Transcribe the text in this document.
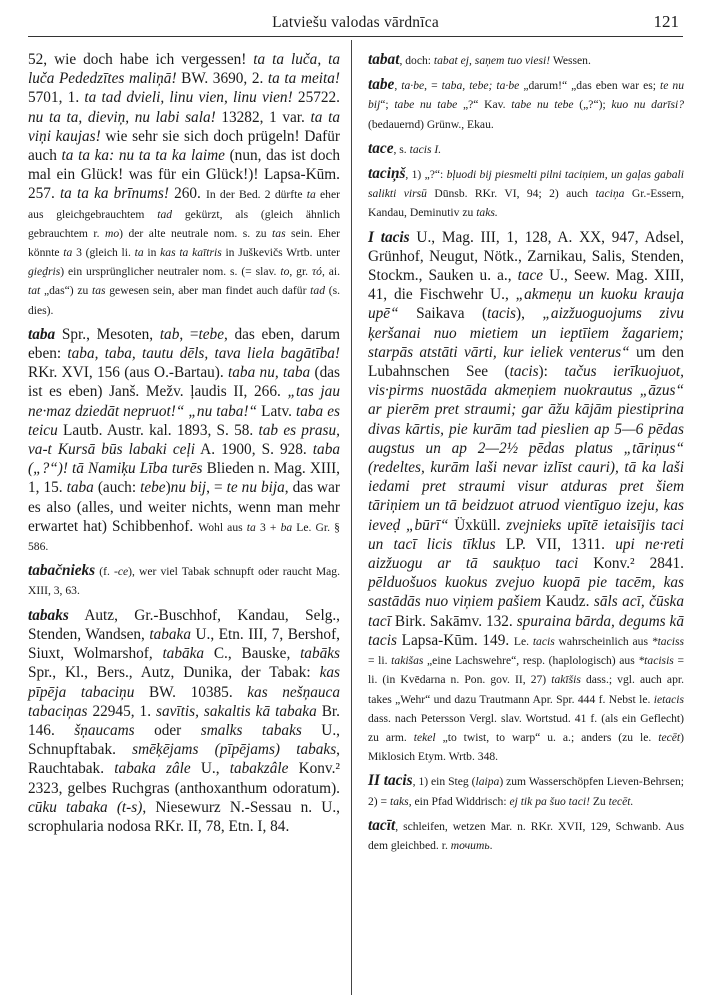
Latviešu valodas vārdnīca	121

52, wie doch habe ich vergessen! ta ta luča, ta luča Pededzītes maliņā! BW. 3690, 2. ta ta meita! 5701, 1. ta tad dvieli, linu vien, linu vien! 25722. nu ta ta, dieviņ, nu labi sala! 13282, 1 var. ta ta viņi kaujas! wie sehr sie sich doch prügeln! Dafür auch ta ta ka: nu ta ta ka laime (nun, das ist doch mal ein Glück! was für ein Glück!)! Lapsa-Kūm. 257. ta ta ka brīnums! 260. In der Bed. 2 dürfte ta eher aus gleichgebrauchtem tad gekürzt, als (gleich ähnlich gebrauchtem r. mo) der alte neutrale nom. s. zu tas sein. Eher könnte ta 3 (gleich li. ta in kas ta kaītris in Juškevičs Wrtb. unter gieḓris) ein ursprünglicher neutraler nom. s. (= slav. to, gr. τό, ai. tat „das“) zu tas gewesen sein, aber man findet auch dafür tad (s. dies).

taba Spr., Mesoten, tab, =tebe, das eben, darum eben: taba, taba, tautu dēls, tava liela bagātība! RKr. XVI, 156 (aus O.-Bartau). taba nu, taba (das ist es eben) Janš. Mežv. ļaudis II, 266. „tas jau ne·maz dziedāt nepruot!“ „nu taba!“ Latv. taba es teicu Lautb. Austr. kal. 1893, S. 58. tab es prasu, va-t Kursā būs labaki ceļi A. 1900, S. 928. taba („?“)! tā Namiķu Lība turēs Blieden n. Mag. XIII, 1, 15. taba (auch: tebe)nu bij, = te nu bija, das war es also (alles, und weiter nichts, wenn man mehr erwartet hat) Schibbenhof. Wohl aus ta 3 + ba Le. Gr. § 586.

tabačnieks (f. -ce), wer viel Tabak schnupft oder raucht Mag. XIII, 3, 63.

tabaks Autz, Gr.-Buschhof, Kandau, Selg., Stenden, Wandsen, tabaka U., Etn. III, 7, Bershof, Siuxt, Wolmarshof, tabāka C., Bauske, tabāks Spr., Kl., Bers., Autz, Dunika, der Tabak: kas pīpēja tabaciņu BW. 10385. kas nešņauca tabaciņas 22945, 1. savītis, sakaltis kā tabaka Br. 146. šņaucams oder smalks tabaks U., Schnupftabak. smēķējams (pīpējams) tabaks, Rauchtabak. tabaka zâle U., tabakzâle Konv.² 2323, gelbes Ruchgras (anthoxanthum odoratum). cūku tabaka (t-s), Niesewurz N.-Sessau n. U., scrophularia nodosa RKr. II, 78, Etn. I, 84.

tabat, doch: tabat ej, saņem tuo viesi! Wessen.

tabe, ta·be, = taba, tebe; ta·be „darum!“ „das eben war es; te nu bij“; tabe nu tabe „?“ Kav. tabe nu tebe („?“); kuo nu darīsi? (bedauernd) Grünw., Ekau.

tace, s. tacis I.

taciņš, 1) „?“: bļuodi bij piesmelti pilni taciņiem, un gaļas gabali salikti virsū Dūnsb. RKr. VI, 94; 2) auch taciņa Gr.-Essern, Kandau, Deminutiv zu taks.

I tacis U., Mag. III, 1, 128, A. XX, 947, Adsel, Grünhof, Neugut, Nötk., Zarnikau, Salis, Stenden, Stockm., Sauken u. a., tace U., Seew. Mag. XIII, 41, die Fischwehr U., „akmeņu un kuoku krauja upē“ Saikava (tacis), „aizžuoguojums zivu ķeršanai nuo mietiem un ieptīiem žagariem; starpās atstāti vārti, kur ieliek venterus“ um den Lubahnschen See (tacis): tačus ierīkuojuot, vis·pirms nuostāda akmeņiem nuokrautus „āzus“ ar pierēm pret straumi; gar āžu kājām piestiprina divas kārtis, pie kurām tad pieslien ap 5—6 pēdas augstus un ap 2—2½ pēdas platus „tāriņus“ (redeltes, kurām laši nevar izlīst cauri), tā ka laši iedami pret straumi visur atduras pret šiem tāriņiem un tā beidzuot atruod vientīguo izeju, kas ieveḍ „būrī“ Üxküll. zvejnieks upītē ietaisījis taci un tacī licis tīklus LP. VII, 1311. upi ne·reti aizžuogu ar tā saukṭuo taci Konv.² 2841. pēlduošuos kuokus zvejuo kuopā pie tacēm, kas sastādās nuo viņiem pašiem Kaudz. sāls acī, čūska tacī Birk. Sakāmv. 132. spuraina bārda, degums kā tacis Lapsa-Kūm. 149. Le. tacis wahrscheinlich aus *taciss = li. takišas „eine Lachswehre“, resp. (haplologisch) aus *tacisis = li. (in Kvēdarna n. Pon. gov. II, 27) takīšis dass.; vgl. auch apr. takes „Wehr“ und dazu Trautmann Apr. Spr. 444 f. Nebst le. ietacis dass. nach Petersson Vergl. slav. Wortstud. 41 f. (als ein Geflecht) zu arm. tekel „to twist, to warp“ u. a.; anders (zu le. tecēt) Miklosich Etym. Wrtb. 348.

II tacis, 1) ein Steg (laipa) zum Wasserschöpfen Lieven-Behrsen; 2) = taks, ein Pfad Widdrisch: ej tik pa šuo taci! Zu tecēt.

tacīt, schleifen, wetzen Mar. n. RKr. XVII, 129, Schwanb. Aus dem gleichbed. r. точить.
